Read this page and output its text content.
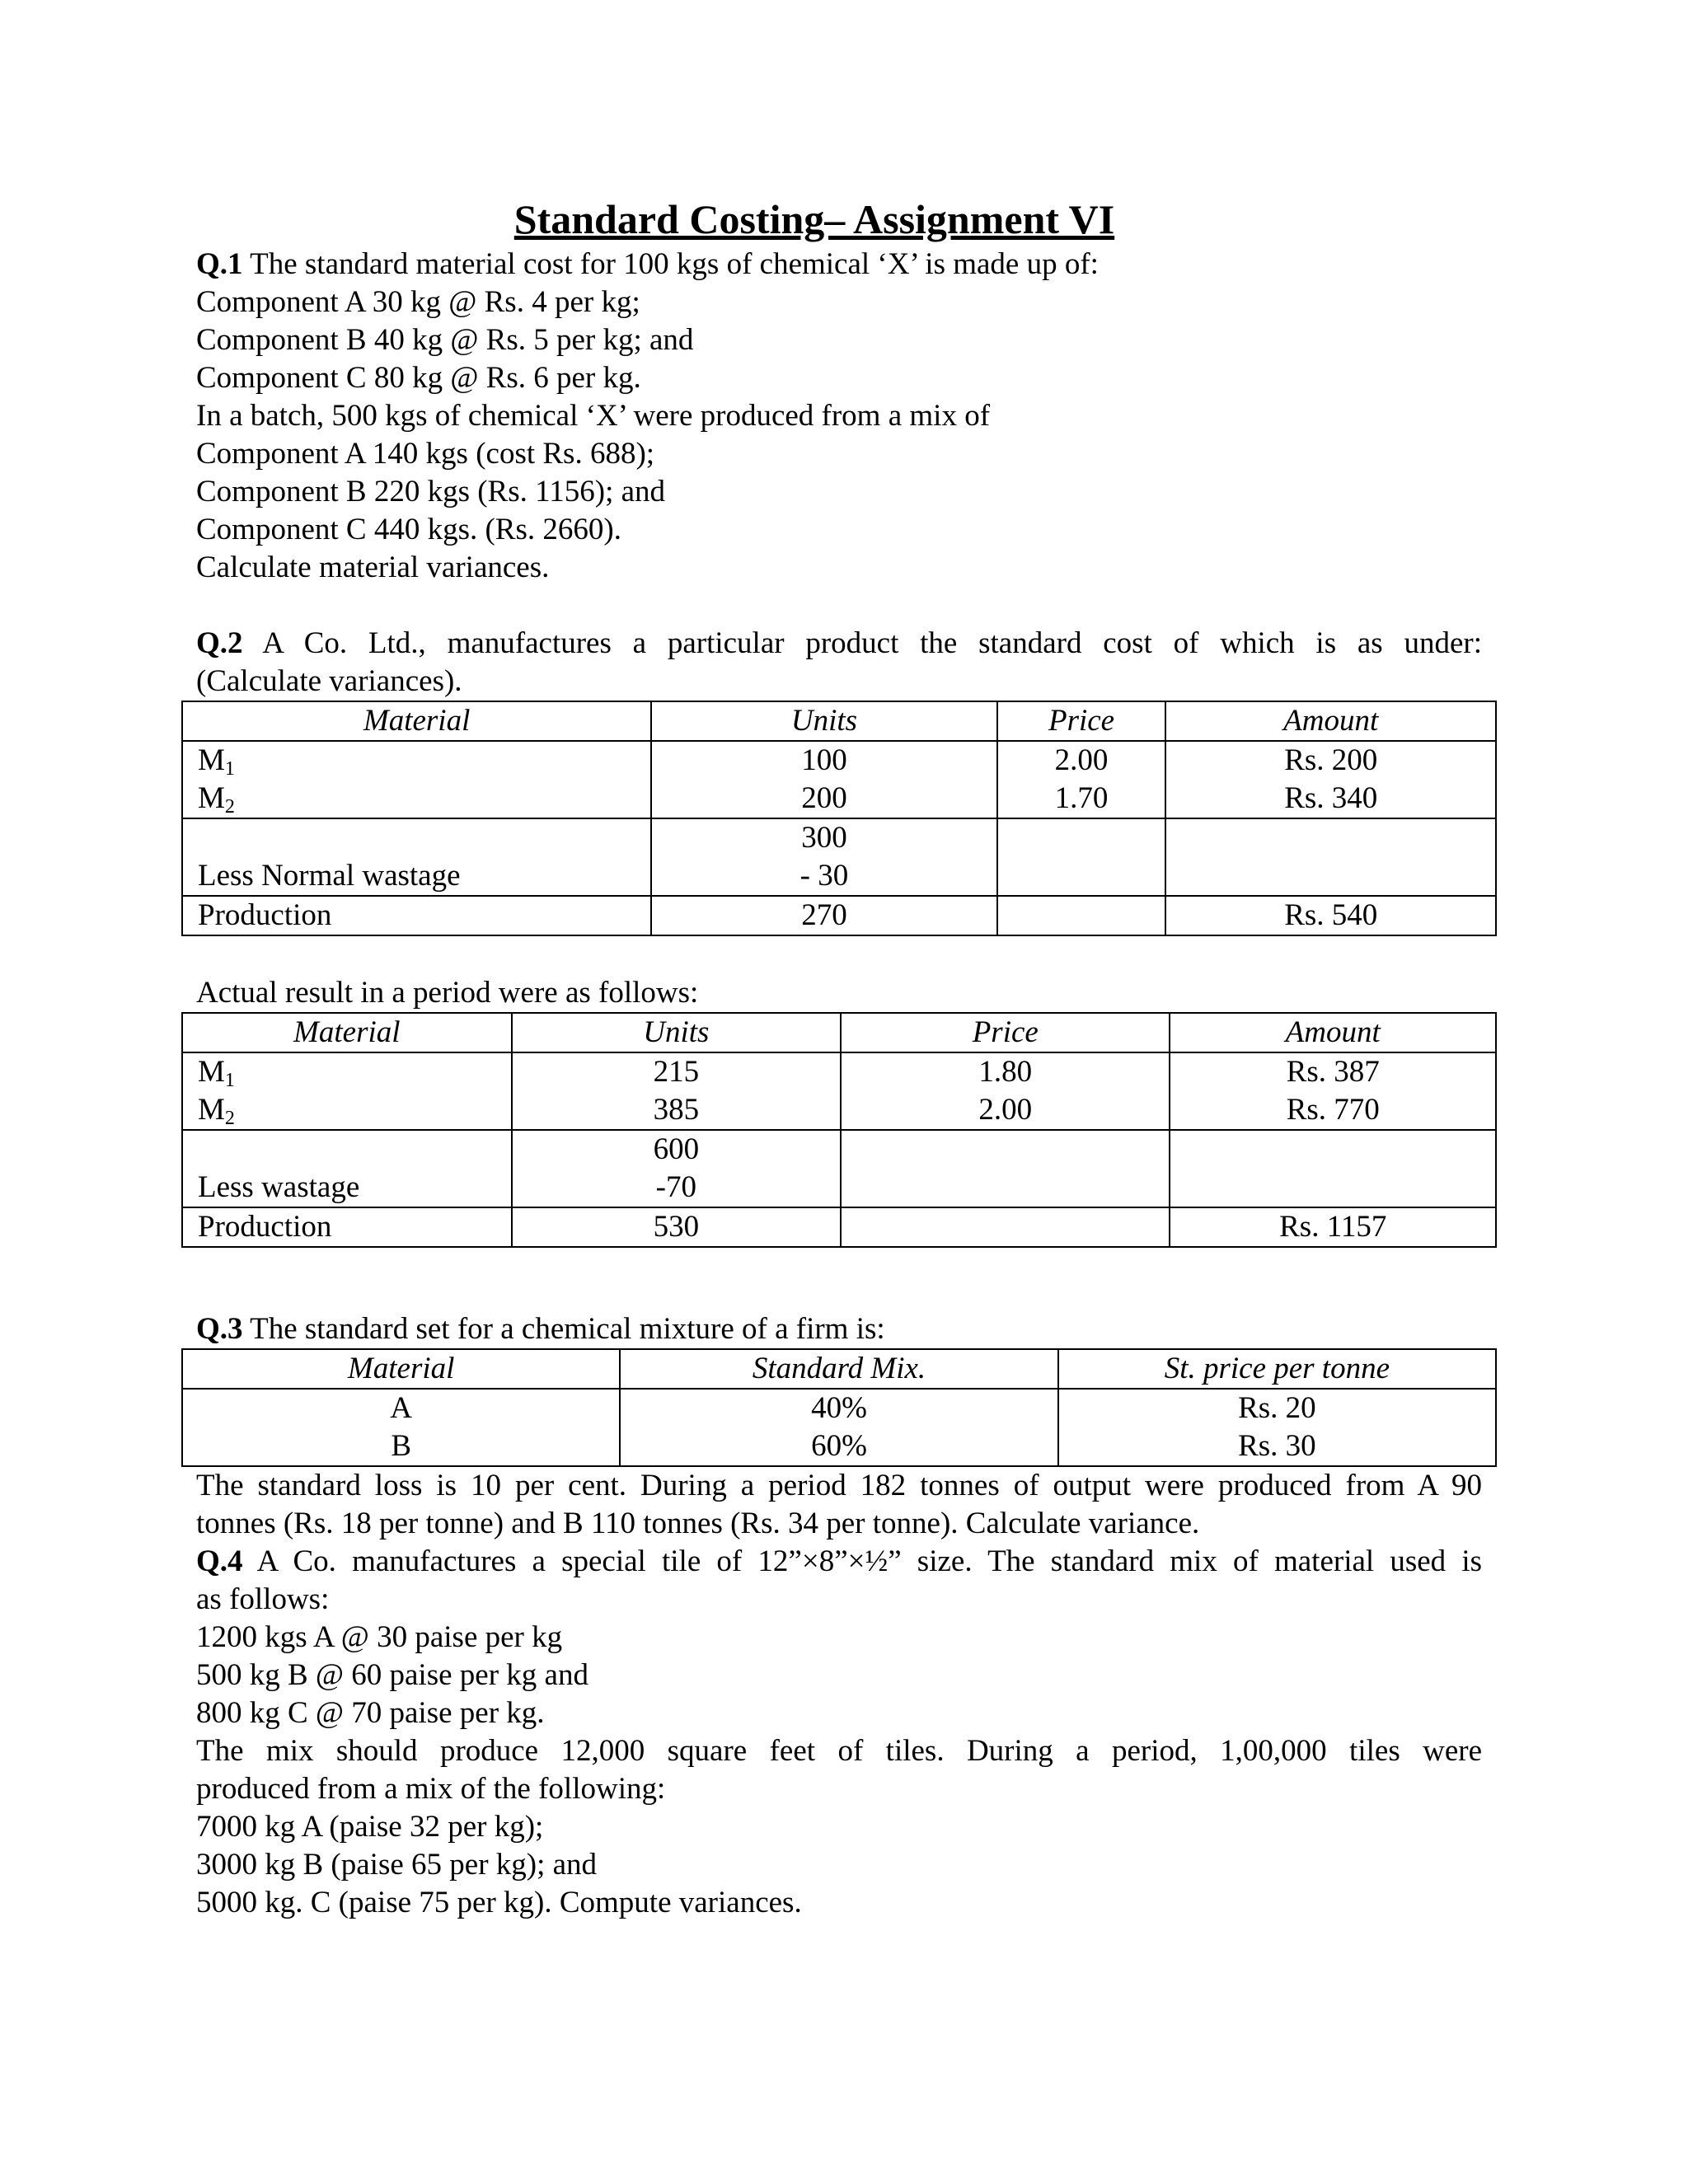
Standard Costing– Assignment VI
Q.1 The standard material cost for 100 kgs of chemical ‘X’ is made up of:
Component A 30 kg @ Rs. 4 per kg;
Component B 40 kg @ Rs. 5 per kg; and
Component C 80 kg @ Rs. 6 per kg.
In a batch, 500 kgs of chemical ‘X’ were produced from a mix of
Component A 140 kgs (cost Rs. 688);
Component B 220 kgs (Rs. 1156); and
Component C 440 kgs. (Rs. 2660).
Calculate material variances.
Q.2 A Co. Ltd., manufactures a particular product the standard cost of which is as under:
(Calculate variances).
Material	Units	Price	Amount
$M_1$	100	2.00	Rs. 200
$M_2$	200	1.70	Rs. 340
	300		
Less Normal wastage	- 30		
Production	270		Rs. 540
Actual result in a period were as follows:
Material	Units	Price	Amount
$M_1$	215	1.80	Rs. 387
$M_2$	385	2.00	Rs. 770
	600		
Less wastage	-70		
Production	530		Rs. 1157
Q.3 The standard set for a chemical mixture of a firm is:
Material	Standard Mix.	St. price per tonne
A	40%	Rs. 20
B	60%	Rs. 30
The standard loss is 10 per cent. During a period 182 tonnes of output were produced from A 90
tonnes (Rs. 18 per tonne) and B 110 tonnes (Rs. 34 per tonne). Calculate variance.
Q.4 A Co. manufactures a special tile of 12”×8”×½” size. The standard mix of material used is
as follows:
1200 kgs A @ 30 paise per kg
500 kg B @ 60 paise per kg and
800 kg C @ 70 paise per kg.
The mix should produce 12,000 square feet of tiles. During a period, 1,00,000 tiles were
produced from a mix of the following:
7000 kg A (paise 32 per kg);
3000 kg B (paise 65 per kg); and
5000 kg. C (paise 75 per kg). Compute variances.
